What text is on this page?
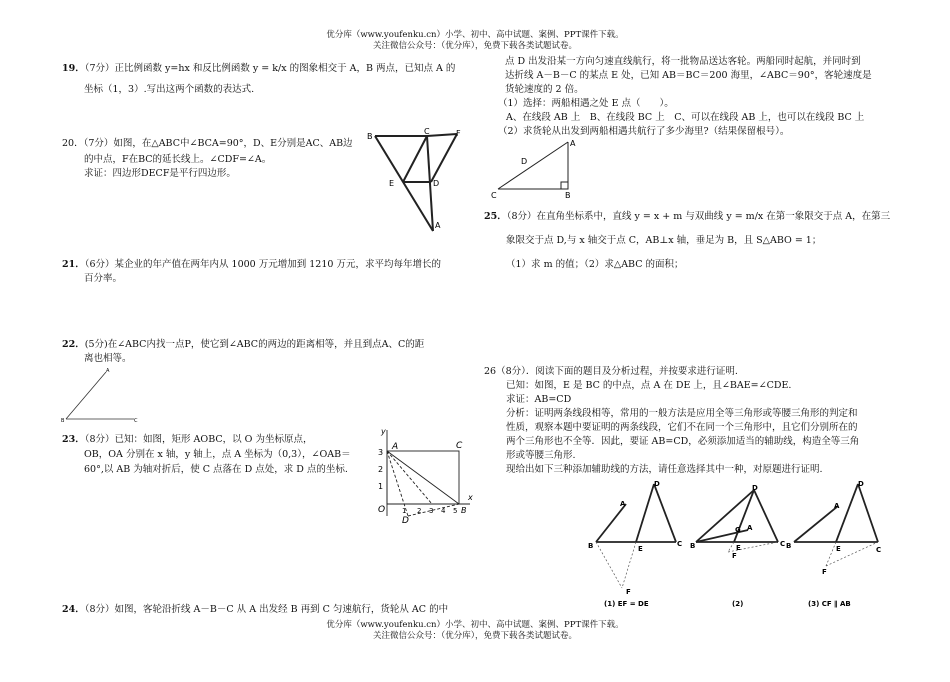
优分库（www.youfenku.cn）小学、初中、高中试题、案例、PPT课件下载。
关注微信公众号：（优分库），免费下载各类试题试卷。

19．（7分）正比例函数 y=hx 和反比例函数 y = k/x 的图象相交于 A，B 两点，已知点 A 的

坐标（1，3）.写出这两个函数的表达式.

20．（7分）如图，在△ABC中∠BCA=90°，D、E分别是AC、AB边

的中点，F在BC的延长线上。∠CDF=∠A。

求证：四边形DECF是平行四边形。

B
C	F
E	D
A

21．（6分）某企业的年产值在两年内从 1000 万元增加到 1210 万元，求平均每年增长的

百分率。

22．(5分)在∠ABC内找一点P，使它到∠ABC的两边的距离相等，并且到点A、C的距

离也相等。

A
B	C

23．（8分）已知：如图，矩形 AOBC，以 O 为坐标原点，

OB，OA 分别在 x 轴，y 轴上，点 A 坐标为（0,3），∠OAB＝

60°,以 AB 为轴对折后，使 C 点落在 D 点处，求 D 点的坐标.

y
x
3
2
1
1 2 3 4 5
A	C
O	B
D

24．（8分）如图，客轮沿折线 A－B－C 从 A 出发经 B 再到 C 匀速航行，货轮从 AC 的中

点 D 出发沿某一方向匀速直线航行，将一批物品送达客轮。两船同时起航，并同时到

达折线 A－B－C 的某点 E 处，已知 AB＝BC＝200 海里，∠ABC＝90°，客轮速度是

货轮速度的 2 倍。

（1）选择：两船相遇之处 E 点（　　）。

A、在线段 AB 上　B、在线段 BC 上　C、可以在线段 AB 上，也可以在线段 BC 上

（2）求货轮从出发到两船相遇共航行了多少海里?（结果保留根号）。

A
D
C	B

25．（8分）在直角坐标系中，直线 y = x + m 与双曲线 y = m/x 在第一象限交于点 A，在第三

象限交于点 D,与 x 轴交于点 C，AB⊥x 轴，垂足为 B，且 S△ABO = 1；

（1）求 m 的值；（2）求△ABC 的面积；

26（8分）．阅读下面的题目及分析过程，并按要求进行证明.

已知：如图，E 是 BC 的中点，点 A 在 DE 上，且∠BAE=∠CDE.

求证：AB=CD

分析：证明两条线段相等，常用的一般方法是应用全等三角形或等腰三角形的判定和

性质，观察本题中要证明的两条线段，它们不在同一个三角形中，且它们分别所在的

两个三角形也不全等．因此，要证 AB=CD，必须添加适当的辅助线，构造全等三角

形或等腰三角形.

现给出如下三种添加辅助线的方法，请任意选择其中一种，对原题进行证明.

D
A
B	E
C
F
(1) EF = DE
D
G A
B	E	C
F
(2)
D
A
B	E	C
F
(3) CF ∥ AB
优分库（www.youfenku.cn）小学、初中、高中试题、案例、PPT课件下载。
关注微信公众号：（优分库），免费下载各类试题试卷。
